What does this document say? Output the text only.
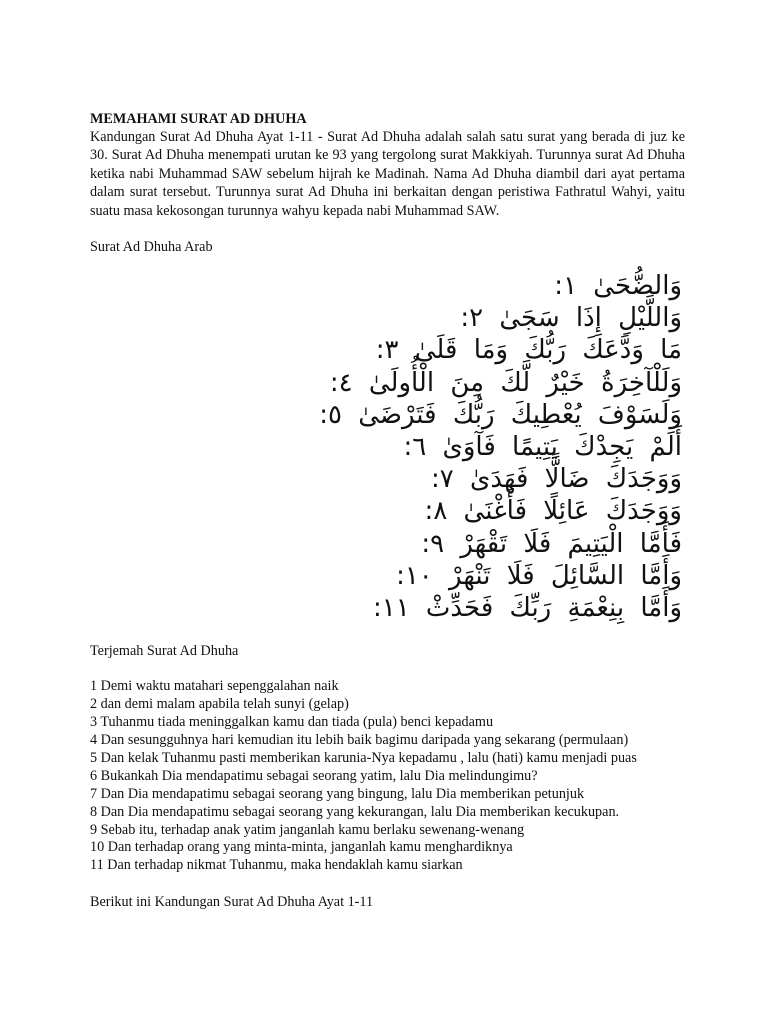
MEMAHAMI SURAT AD DHUHA

Kandungan Surat Ad Dhuha Ayat 1-11 - Surat Ad Dhuha adalah salah satu surat yang berada di juz ke 30. Surat Ad Dhuha menempati urutan ke 93 yang tergolong surat Makkiyah. Turunnya surat Ad Dhuha ketika nabi Muhammad SAW sebelum hijrah ke Madinah. Nama Ad Dhuha diambil dari ayat pertama dalam surat tersebut. Turunnya surat Ad Dhuha ini berkaitan dengan peristiwa Fathratul Wahyi, yaitu suatu masa kekosongan turunnya wahyu kepada nabi Muhammad SAW.

Surat Ad Dhuha Arab

وَالضُّحَىٰ ١:
وَاللَّيْلِ إِذَا سَجَىٰ ٢:
مَا وَدَّعَكَ رَبُّكَ وَمَا قَلَىٰ ٣:
وَلَلْآخِرَةُ خَيْرٌ لَّكَ مِنَ الْأُولَىٰ ٤:
وَلَسَوْفَ يُعْطِيكَ رَبُّكَ فَتَرْضَىٰ ٥:
أَلَمْ يَجِدْكَ يَتِيمًا فَآوَىٰ ٦:
وَوَجَدَكَ ضَالًّا فَهَدَىٰ ٧:
وَوَجَدَكَ عَائِلًا فَأَغْنَىٰ ٨:
فَأَمَّا الْيَتِيمَ فَلَا تَقْهَرْ ٩:
وَأَمَّا السَّائِلَ فَلَا تَنْهَرْ ١٠:
وَأَمَّا بِنِعْمَةِ رَبِّكَ فَحَدِّثْ ١١:

Terjemah Surat Ad Dhuha

1 Demi waktu matahari sepenggalahan naik
2 dan demi malam apabila telah sunyi (gelap)
3 Tuhanmu tiada meninggalkan kamu dan tiada (pula) benci kepadamu
4 Dan sesungguhnya hari kemudian itu lebih baik bagimu daripada yang sekarang (permulaan)
5 Dan kelak Tuhanmu pasti memberikan karunia-Nya kepadamu , lalu (hati) kamu menjadi puas
6 Bukankah Dia mendapatimu sebagai seorang yatim, lalu Dia melindungimu?
7 Dan Dia mendapatimu sebagai seorang yang bingung, lalu Dia memberikan petunjuk
8 Dan Dia mendapatimu sebagai seorang yang kekurangan, lalu Dia memberikan kecukupan.
9 Sebab itu, terhadap anak yatim janganlah kamu berlaku sewenang-wenang
10 Dan terhadap orang yang minta-minta, janganlah kamu menghardiknya
11 Dan terhadap nikmat Tuhanmu, maka hendaklah kamu siarkan

Berikut ini Kandungan Surat Ad Dhuha Ayat 1-11
